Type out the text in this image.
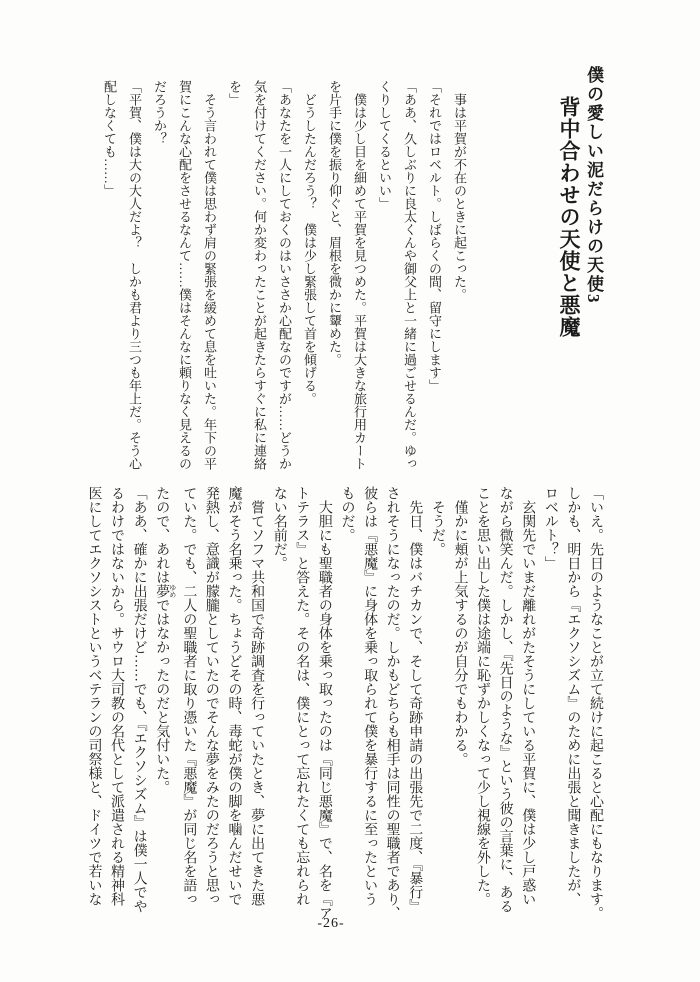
僕の愛しい泥だらけの天使3
背中合わせの天使と悪魔
　事は平賀が不在のときに起こった。
「それではロベルト。しばらくの間、留守にします」
「ああ、久しぶりに良太くんや御父上と一緒に過ごせるんだ。ゆっ
くりしてくるといい」
　僕は少し目を細めて平賀を見つめた。平賀は大きな旅行用カート
を片手に僕を振り仰ぐと、眉根を微かに顰めた。
　どうしたんだろう？　僕は少し緊張して首を傾げる。
「あなたを一人にしておくのはいささか心配なのですが……どうか
気を付けてください。何か変わったことが起きたらすぐに私に連絡
を」
　そう言われて僕は思わず肩の緊張を緩めて息を吐いた。年下の平
賀にこんな心配をさせるなんて……僕はそんなに頼りなく見えるの
だろうか？
「平賀、僕は大の大人だよ？　しかも君より三つも年上だ。そう心
配しなくても……」
「いえ。先日のようなことが立て続けに起こると心配にもなります。
しかも、明日から『エクソシズム』のために出張と聞きましたが、
ロベルト？」
　玄関先でいまだ離れがたそうにしている平賀に、僕は少し戸惑い
ながら微笑んだ。しかし、『先日のような』という彼の言葉に、ある
ことを思い出した僕は途端に恥ずかしくなって少し視線を外した。
　僅かに頬が上気するのが自分でもわかる。
　そうだ。
　先日、僕はバチカンで、そして奇跡申請の出張先で二度、『暴行』
されそうになったのだ。しかもどちらも相手は同性の聖職者であり、
彼らは『悪魔』に身体を乗っ取られて僕を暴行するに至ったという
ものだ。
　大胆にも聖職者の身体を乗っ取ったのは『同じ悪魔』で、名を『ア
トテラス』と答えた。その名は、僕にとって忘れたくても忘れられ
ない名前だ。
　嘗てソフマ共和国で奇跡調査を行っていたとき、夢に出てきた悪
魔がそう名乗った。ちょうどその時、毒蛇が僕の脚を噛んだせいで
発熱し、意識が朦朧としていたのでそんな夢をみたのだろうと思っ
ていた。でも、二人の聖職者に取り憑いた『悪魔』が同じ名を語っ
たので、あれは夢 ゆめではなかったのだと気付いた。
「ああ、確かに出張だけど……でも、『エクソシズム』は僕一人でや
るわけではないから。サウロ大司教の名代として派遣される精神科
医にしてエクソシストというベテランの司祭様と、ドイツで若いな
-26-
